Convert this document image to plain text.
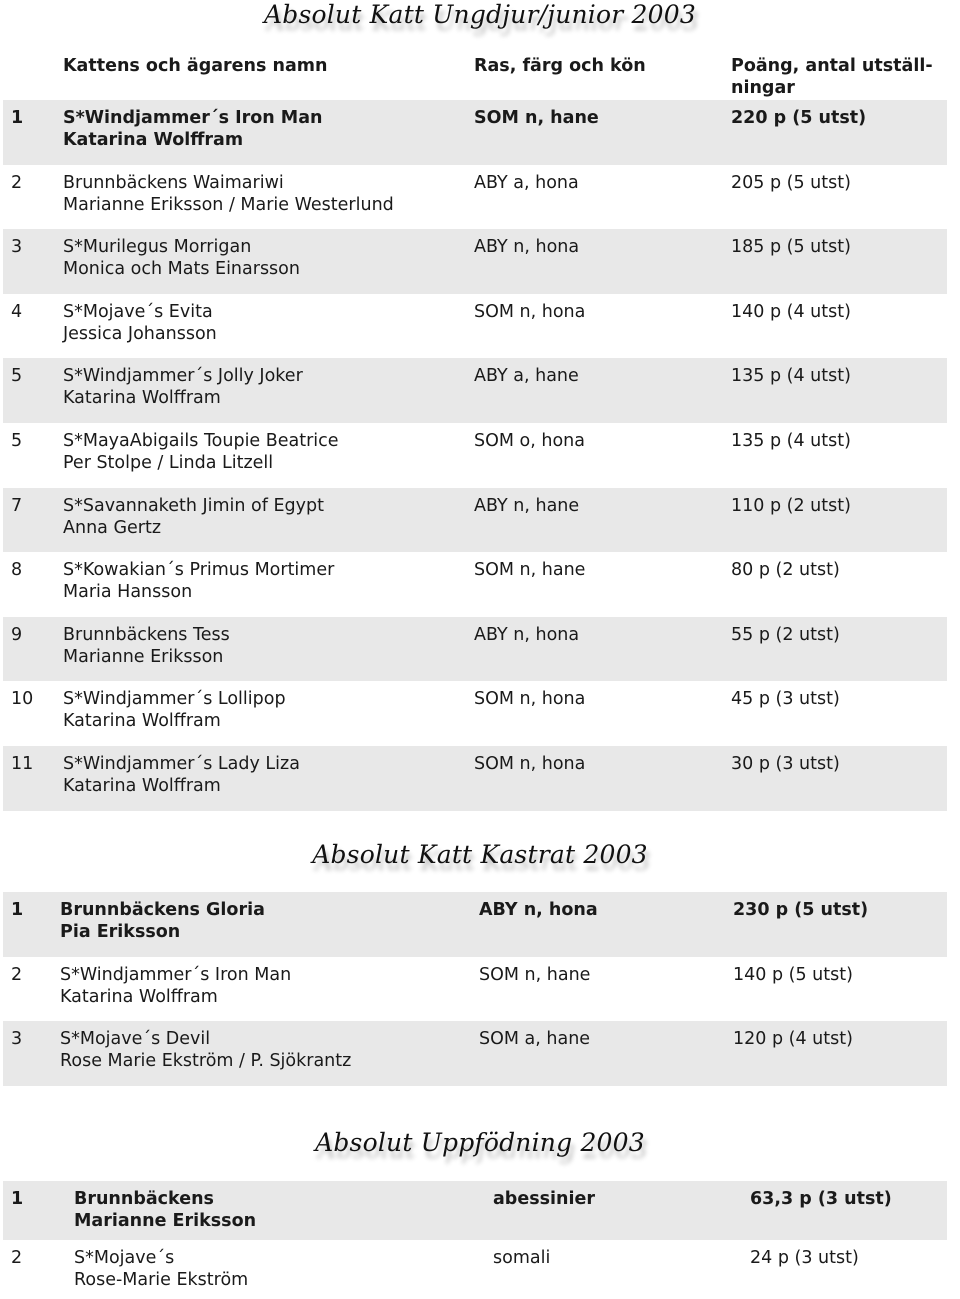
Absolut Katt Ungdjur/junior 2003
Kattens och ägarens namn	Ras, färg och kön	Poäng, antal utställ-
ningar
1 S*Windjammer´s Iron Man
Katarina Wolffram
SOM n, hane	220 p (5 utst)
2 Brunnbäckens Waimariwi
Marianne Eriksson / Marie Westerlund
ABY a, hona	205 p (5 utst)
3 S*Murilegus Morrigan
Monica och Mats Einarsson
ABY n, hona	185 p (5 utst)
4 S*Mojave´s Evita
Jessica Johansson
SOM n, hona	140 p (4 utst)
5 S*Windjammer´s Jolly Joker
Katarina Wolffram
ABY a, hane	135 p (4 utst)
5 S*MayaAbigails Toupie Beatrice
Per Stolpe / Linda Litzell
SOM o, hona	135 p (4 utst)
7 S*Savannaketh Jimin of Egypt
Anna Gertz
ABY n, hane	110 p (2 utst)
8 S*Kowakian´s Primus Mortimer
Maria Hansson
SOM n, hane	80 p (2 utst)
9 Brunnbäckens Tess
Marianne Eriksson
ABY n, hona	55 p (2 utst)
10 S*Windjammer´s Lollipop
Katarina Wolffram
SOM n, hona	45 p (3 utst)
11 S*Windjammer´s Lady Liza
Katarina Wolffram
SOM n, hona	30 p (3 utst)
Absolut Katt Kastrat 2003
1 Brunnbäckens Gloria
Pia Eriksson
ABY n, hona	230 p (5 utst)
2 S*Windjammer´s Iron Man
Katarina Wolffram
SOM n, hane	140 p (5 utst)
3 S*Mojave´s Devil
Rose Marie Ekström / P. Sjökrantz
SOM a, hane	120 p (4 utst)
Absolut Uppfödning 2003
1	Brunnbäckens
Marianne Eriksson
abessinier	63,3 p (3 utst)
2	S*Mojave´s
Rose-Marie Ekström
somali	24 p (3 utst)
